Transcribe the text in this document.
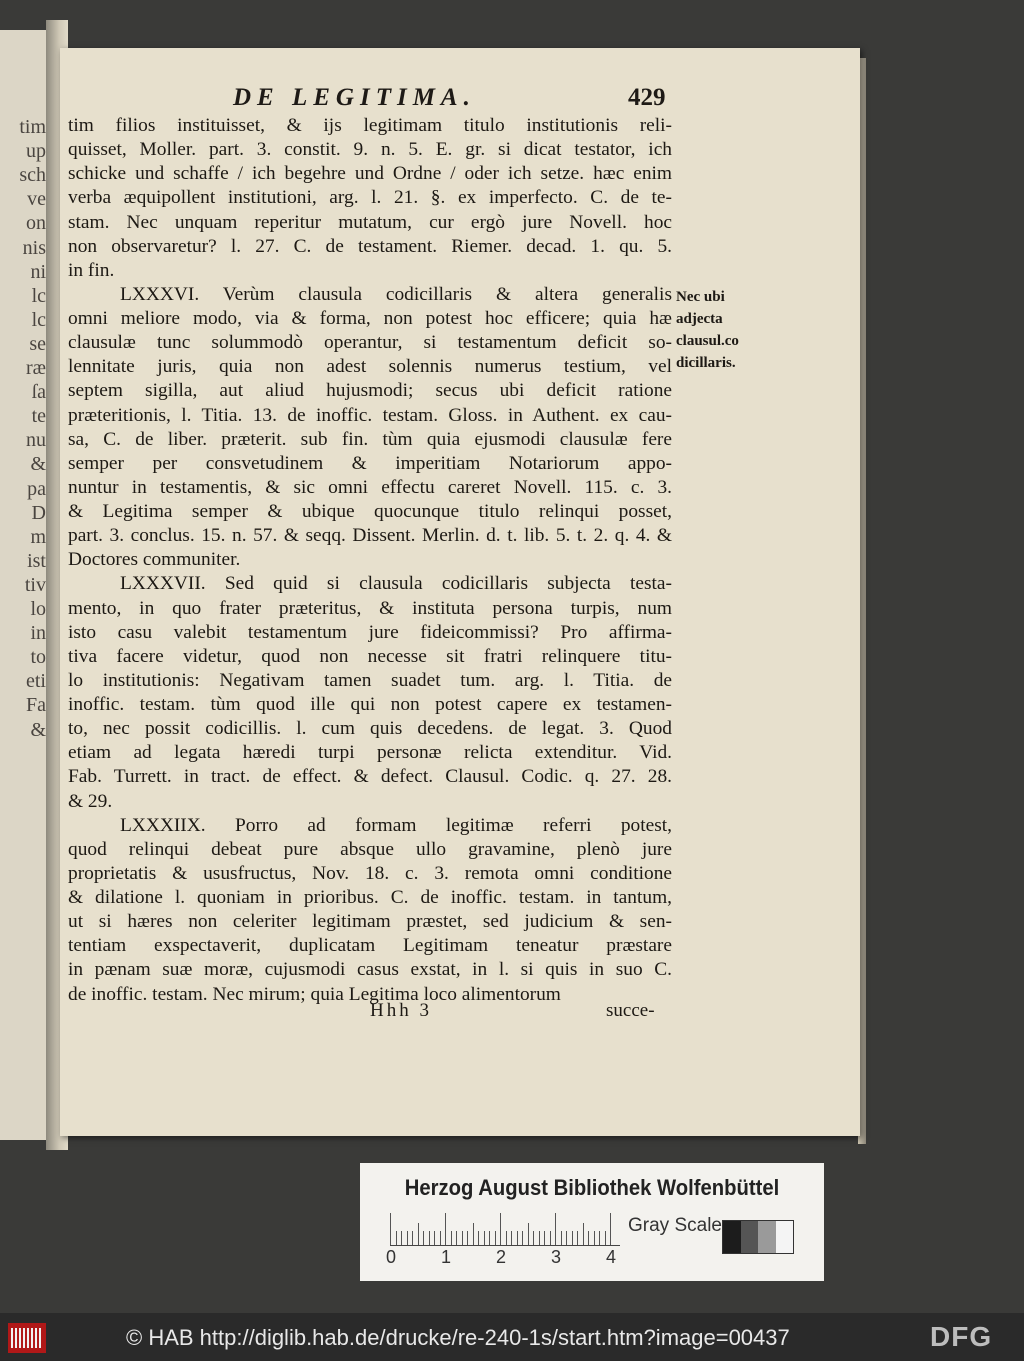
tim
up
sch
ve
on
nis
ni
lc
lc
se
ræ
ſa
te
nu
&
pa
D
m
ist
tiv
lo
in
to
eti
Fa
&
DE LEGITIMA.	429
tim filios instituisset, & ijs legitimam titulo institutionis reli-
quisset, Moller. part. 3. constit. 9. n. 5. E. gr. si dicat testator, ich
schicke und schaffe / ich begehre und Ordne / oder ich setze. hæc enim
verba æquipollent institutioni, arg. l. 21. §. ex imperfecto. C. de te-
stam. Nec unquam reperitur mutatum, cur ergò jure Novell. hoc
non observaretur? l. 27. C. de testament. Riemer. decad. 1. qu. 5.
in fin.
LXXXVI. Verùm clausula codicillaris & altera generalis
omni meliore modo, via & forma, non potest hoc efficere; quia hæ
clausulæ tunc solummodò operantur, si testamentum deficit so-
lennitate juris, quia non adest solennis numerus testium, vel
septem sigilla, aut aliud hujusmodi; secus ubi deficit ratione
præteritionis, l. Titia. 13. de inoffic. testam. Gloss. in Authent. ex cau-
sa, C. de liber. præterit. sub fin. tùm quia ejusmodi clausulæ fere
semper per consvetudinem & imperitiam Notariorum appo-
nuntur in testamentis, & sic omni effectu careret Novell. 115. c. 3.
& Legitima semper & ubique quocunque titulo relinqui posset,
part. 3. conclus. 15. n. 57. & seqq. Dissent. Merlin. d. t. lib. 5. t. 2. q. 4. &
Doctores communiter.
LXXXVII. Sed quid si clausula codicillaris subjecta testa-
mento, in quo frater præteritus, & instituta persona turpis, num
isto casu valebit testamentum jure fideicommissi? Pro affirma-
tiva facere videtur, quod non necesse sit fratri relinquere titu-
lo institutionis: Negativam tamen suadet tum. arg. l. Titia. de
inoffic. testam. tùm quod ille qui non potest capere ex testamen-
to, nec possit codicillis. l. cum quis decedens. de legat. 3. Quod
etiam ad legata hæredi turpi personæ relicta extenditur. Vid.
Fab. Turrett. in tract. de effect. & defect. Clausul. Codic. q. 27. 28.
& 29.
LXXXIIX. Porro ad formam legitimæ referri potest,
quod relinqui debeat pure absque ullo gravamine, plenò jure
proprietatis & ususfructus, Nov. 18. c. 3. remota omni conditione
& dilatione l. quoniam in prioribus. C. de inoffic. testam. in tantum,
ut si hæres non celeriter legitimam præstet, sed judicium & sen-
tentiam exspectaverit, duplicatam Legitimam teneatur præstare
in pænam suæ moræ, cujusmodi casus exstat, in l. si quis in suo C.
de inoffic. testam. Nec mirum; quia Legitima loco alimentorum
Nec ubi
adjecta
clausul.co
dicillaris.
Hhh 3	succe-
Herzog August Bibliothek Wolfenbüttel
0 1 2 3 4
Gray Scale
© HAB http://diglib.hab.de/drucke/re-240-1s/start.htm?image=00437	DFG
